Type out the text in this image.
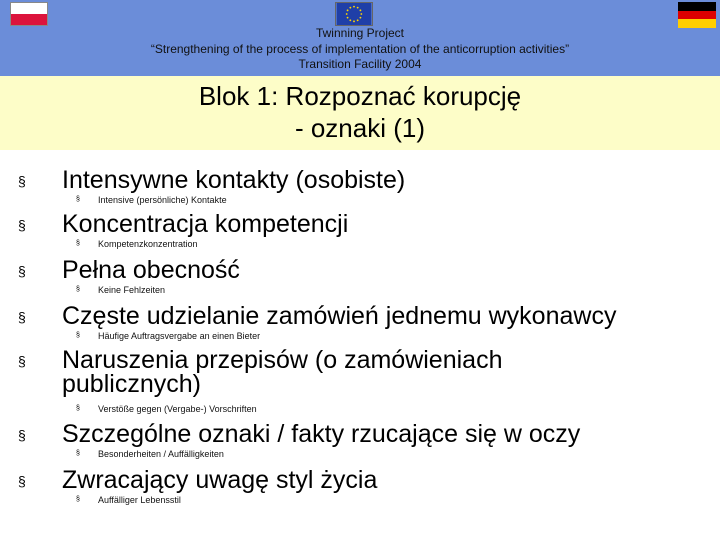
Twinning Project
“Strengthening of the process of implementation of the anticorruption activities”
Transition Facility 2004
Blok 1: Rozpoznać korupcję
- oznaki (1)
§ Intensywne kontakty (osobiste)
§ Intensive (persönliche) Kontakte
§ Koncentracja kompetencji
§ Kompetenzkonzentration
§ Pełna obecność
§ Keine Fehlzeiten
§ Częste udzielanie zamówień jednemu wykonawcy
§ Häufige Auftragsvergabe an einen Bieter
§ Naruszenia przepisów (o zamówieniach publicznych)
§ Verstöße gegen (Vergabe-) Vorschriften
§ Szczególne oznaki / fakty rzucające się w oczy
§ Besonderheiten / Auffälligkeiten
§ Zwracający uwagę styl życia
§ Auffälliger Lebensstil
